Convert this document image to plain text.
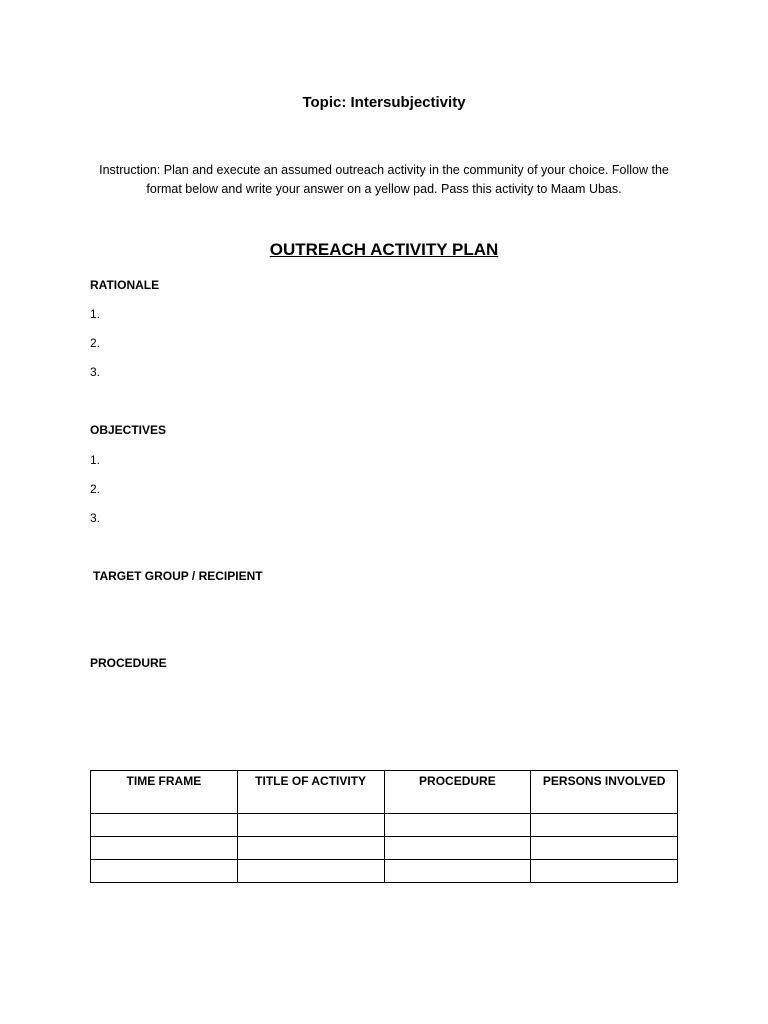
Topic: Intersubjectivity
Instruction: Plan and execute an assumed outreach activity in the community of your choice. Follow the
format below and write your answer on a yellow pad. Pass this activity to Maam Ubas.
OUTREACH ACTIVITY PLAN
RATIONALE
1.
2.
3.
OBJECTIVES
1.
2.
3.
TARGET GROUP / RECIPIENT
PROCEDURE
TIME FRAME	TITLE OF ACTIVITY	PROCEDURE	PERSONS INVOLVED
